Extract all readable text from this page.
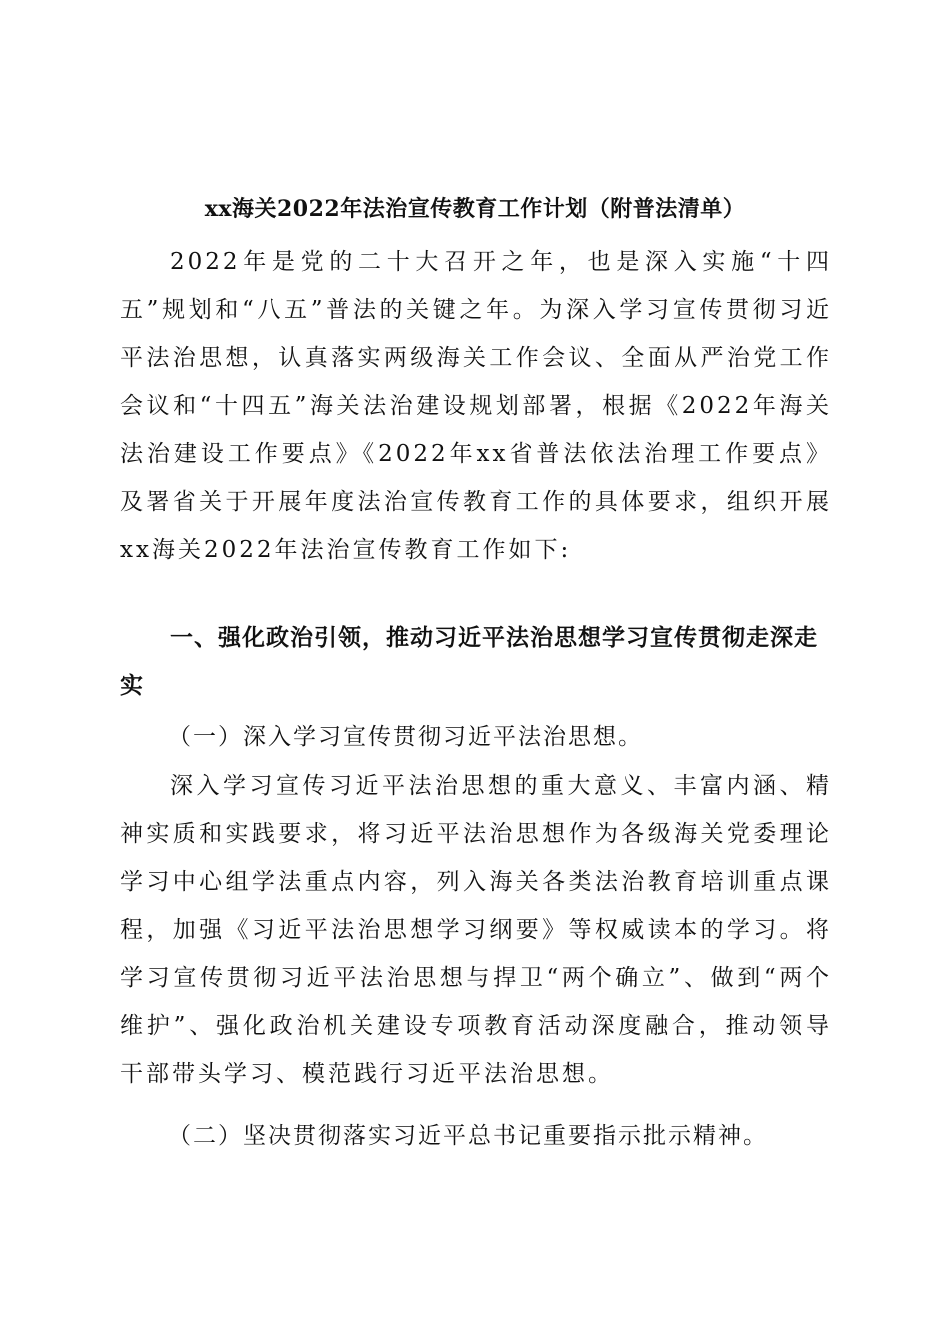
xx海关2022年法治宣传教育工作计划（附普法清单）

2022年是党的二十大召开之年，也是深入实施“十四五”规划和“八五”普法的关键之年。为深入学习宣传贯彻习近平法治思想，认真落实两级海关工作会议、全面从严治党工作会议和“十四五”海关法治建设规划部署，根据《2022年海关法治建设工作要点》《2022年xx省普法依法治理工作要点》及署省关于开展年度法治宣传教育工作的具体要求，组织开展xx海关2022年法治宣传教育工作如下:

一、强化政治引领，推动习近平法治思想学习宣传贯彻走深走实

（一）深入学习宣传贯彻习近平法治思想。

深入学习宣传习近平法治思想的重大意义、丰富内涵、精神实质和实践要求，将习近平法治思想作为各级海关党委理论学习中心组学法重点内容，列入海关各类法治教育培训重点课程，加强《习近平法治思想学习纲要》等权威读本的学习。将学习宣传贯彻习近平法治思想与捍卫“两个确立”、做到“两个维护”、强化政治机关建设专项教育活动深度融合，推动领导干部带头学习、模范践行习近平法治思想。

（二）坚决贯彻落实习近平总书记重要指示批示精神。
